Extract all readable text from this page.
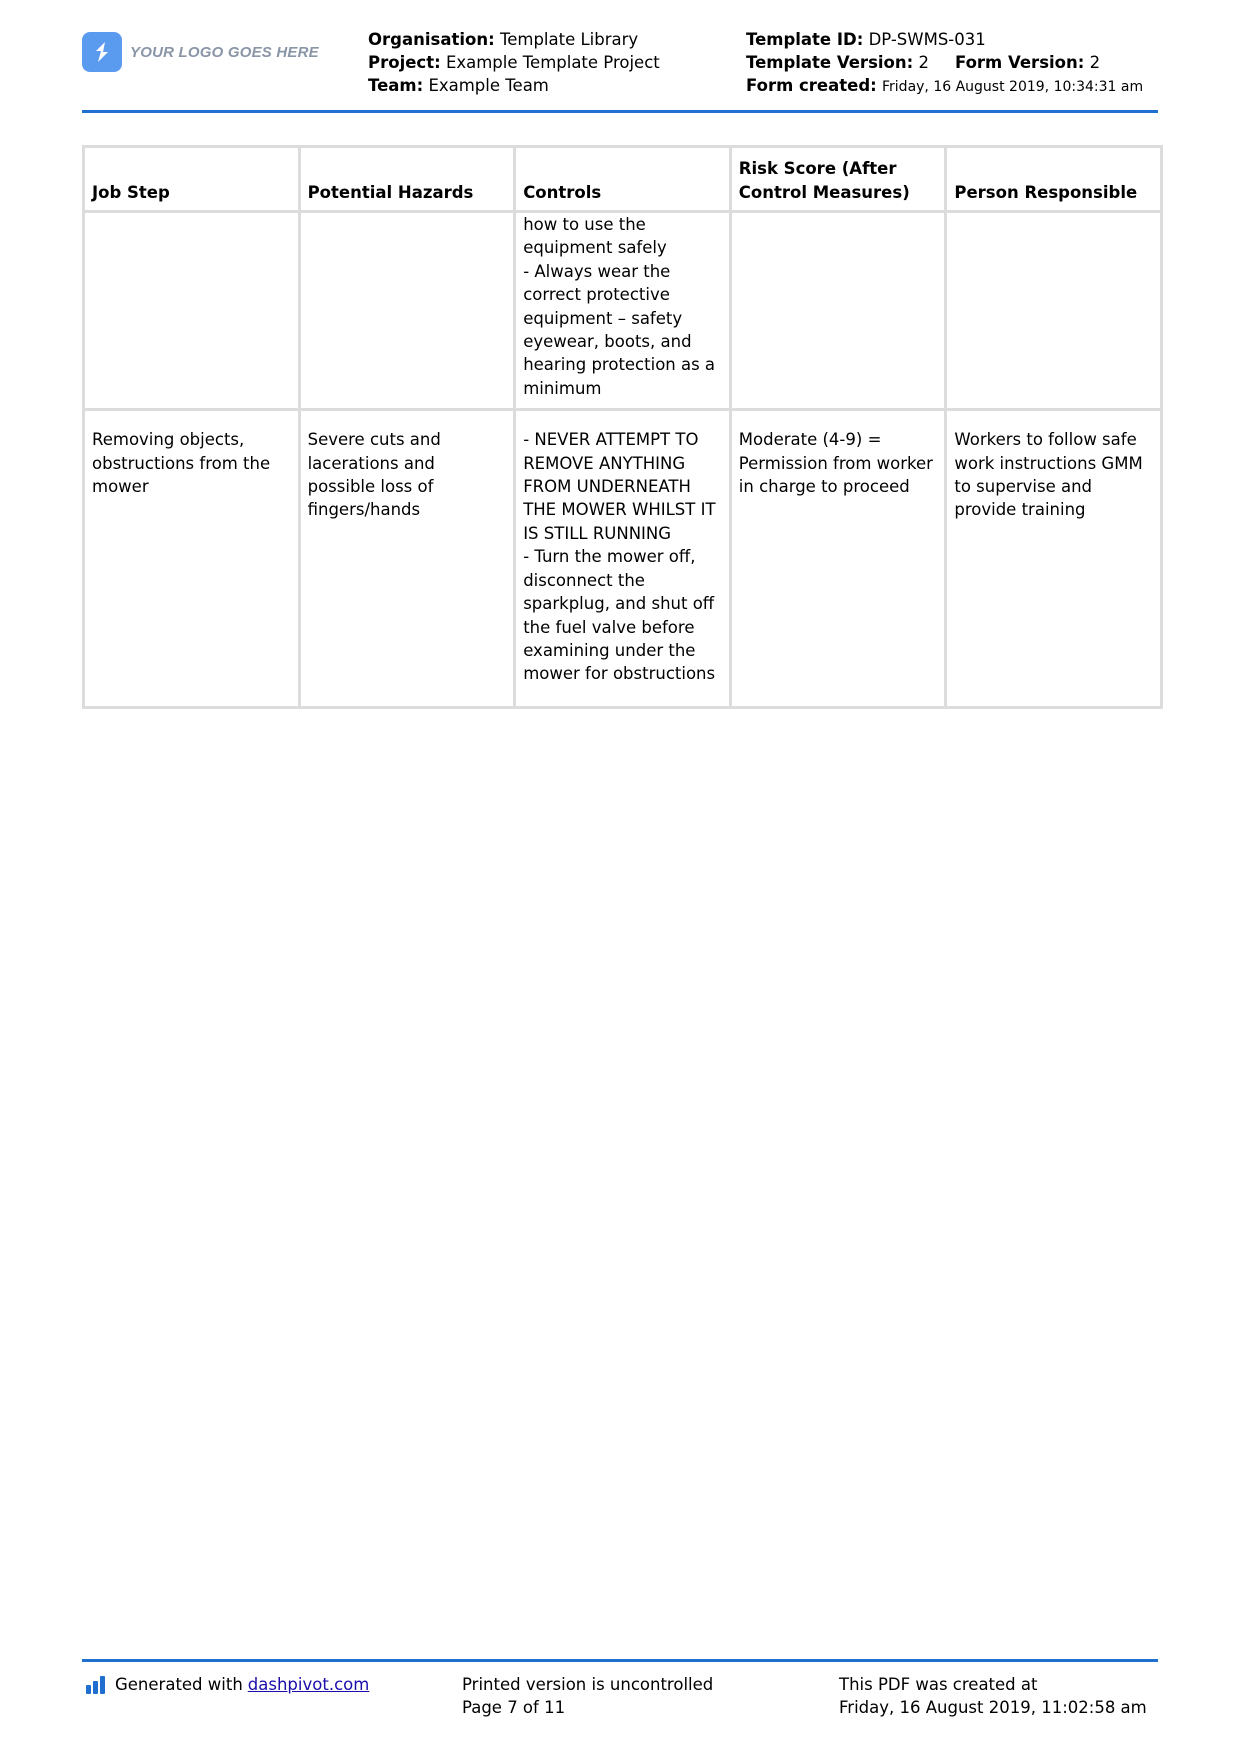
YOUR LOGO GOES HERE
Organisation: Template Library
Project: Example Template Project
Team: Example Team
Template ID: DP-SWMS-031
Template Version: 2 Form Version: 2
Form created: Friday, 16 August 2019, 10:34:31 am
Job Step	Potential Hazards	Controls	Risk Score (After Control Measures)	Person Responsible
		how to use the equipment safely
- Always wear the correct protective equipment – safety eyewear, boots, and hearing protection as a minimum		
Removing objects, obstructions from the mower	Severe cuts and lacerations and possible loss of fingers/hands	- NEVER ATTEMPT TO REMOVE ANYTHING FROM UNDERNEATH THE MOWER WHILST IT IS STILL RUNNING
- Turn the mower off, disconnect the sparkplug, and shut off the fuel valve before examining under the mower for obstructions	Moderate (4-9) = Permission from worker in charge to proceed	Workers to follow safe work instructions GMM to supervise and provide training
Generated with dashpivot.com	Printed version is uncontrolled
Page 7 of 11
This PDF was created at
Friday, 16 August 2019, 11:02:58 am
